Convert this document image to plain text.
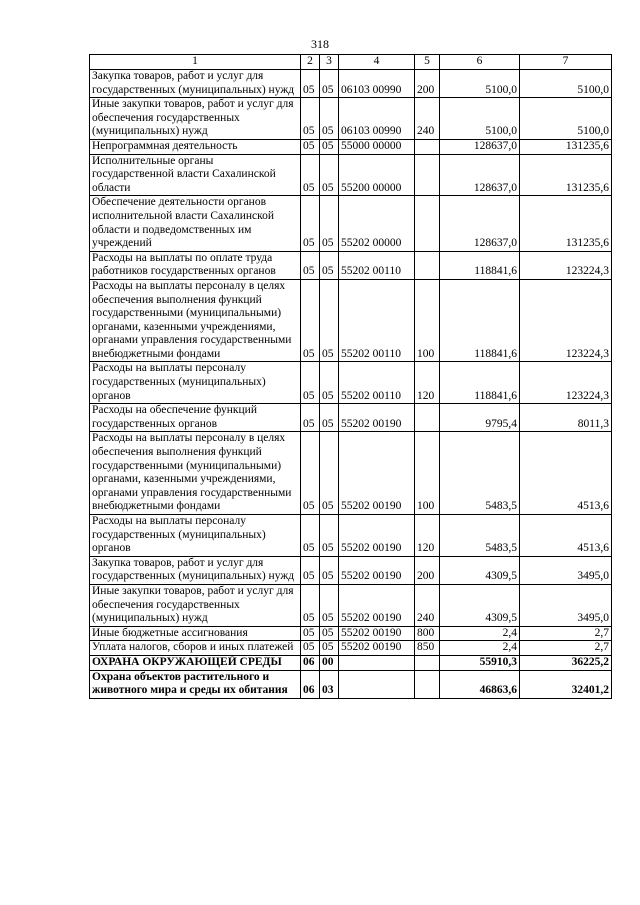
318
1	2	3	4	5	6	7
Закупка товаров, работ и услуг для государственных (муниципальных) нужд	05	05	06103 00990	200	5100,0	5100,0
Иные закупки товаров, работ и услуг для обеспечения государственных (муниципальных) нужд	05	05	06103 00990	240	5100,0	5100,0
Непрограммная деятельность	05	05	55000 00000		128637,0	131235,6
Исполнительные органы государственной власти Сахалинской области	05	05	55200 00000		128637,0	131235,6
Обеспечение деятельности органов исполнительной власти Сахалинской области и подведомственных им учреждений	05	05	55202 00000		128637,0	131235,6
Расходы на выплаты по оплате труда работников государственных органов	05	05	55202 00110		118841,6	123224,3
Расходы на выплаты персоналу в целях обеспечения выполнения функций государственными (муниципальными) органами, казенными учреждениями, органами управления государственными внебюджетными фондами	05	05	55202 00110	100	118841,6	123224,3
Расходы на выплаты персоналу государственных (муниципальных) органов	05	05	55202 00110	120	118841,6	123224,3
Расходы на обеспечение функций государственных органов	05	05	55202 00190		9795,4	8011,3
Расходы на выплаты персоналу в целях обеспечения выполнения функций государственными (муниципальными) органами, казенными учреждениями, органами управления государственными внебюджетными фондами	05	05	55202 00190	100	5483,5	4513,6
Расходы на выплаты персоналу государственных (муниципальных) органов	05	05	55202 00190	120	5483,5	4513,6
Закупка товаров, работ и услуг для государственных (муниципальных) нужд	05	05	55202 00190	200	4309,5	3495,0
Иные закупки товаров, работ и услуг для обеспечения государственных (муниципальных) нужд	05	05	55202 00190	240	4309,5	3495,0
Иные бюджетные ассигнования	05	05	55202 00190	800	2,4	2,7
Уплата налогов, сборов и иных платежей	05	05	55202 00190	850	2,4	2,7
ОХРАНА ОКРУЖАЮЩЕЙ СРЕДЫ	06	00			55910,3	36225,2
Охрана объектов растительного и животного мира и среды их обитания	06	03			46863,6	32401,2
